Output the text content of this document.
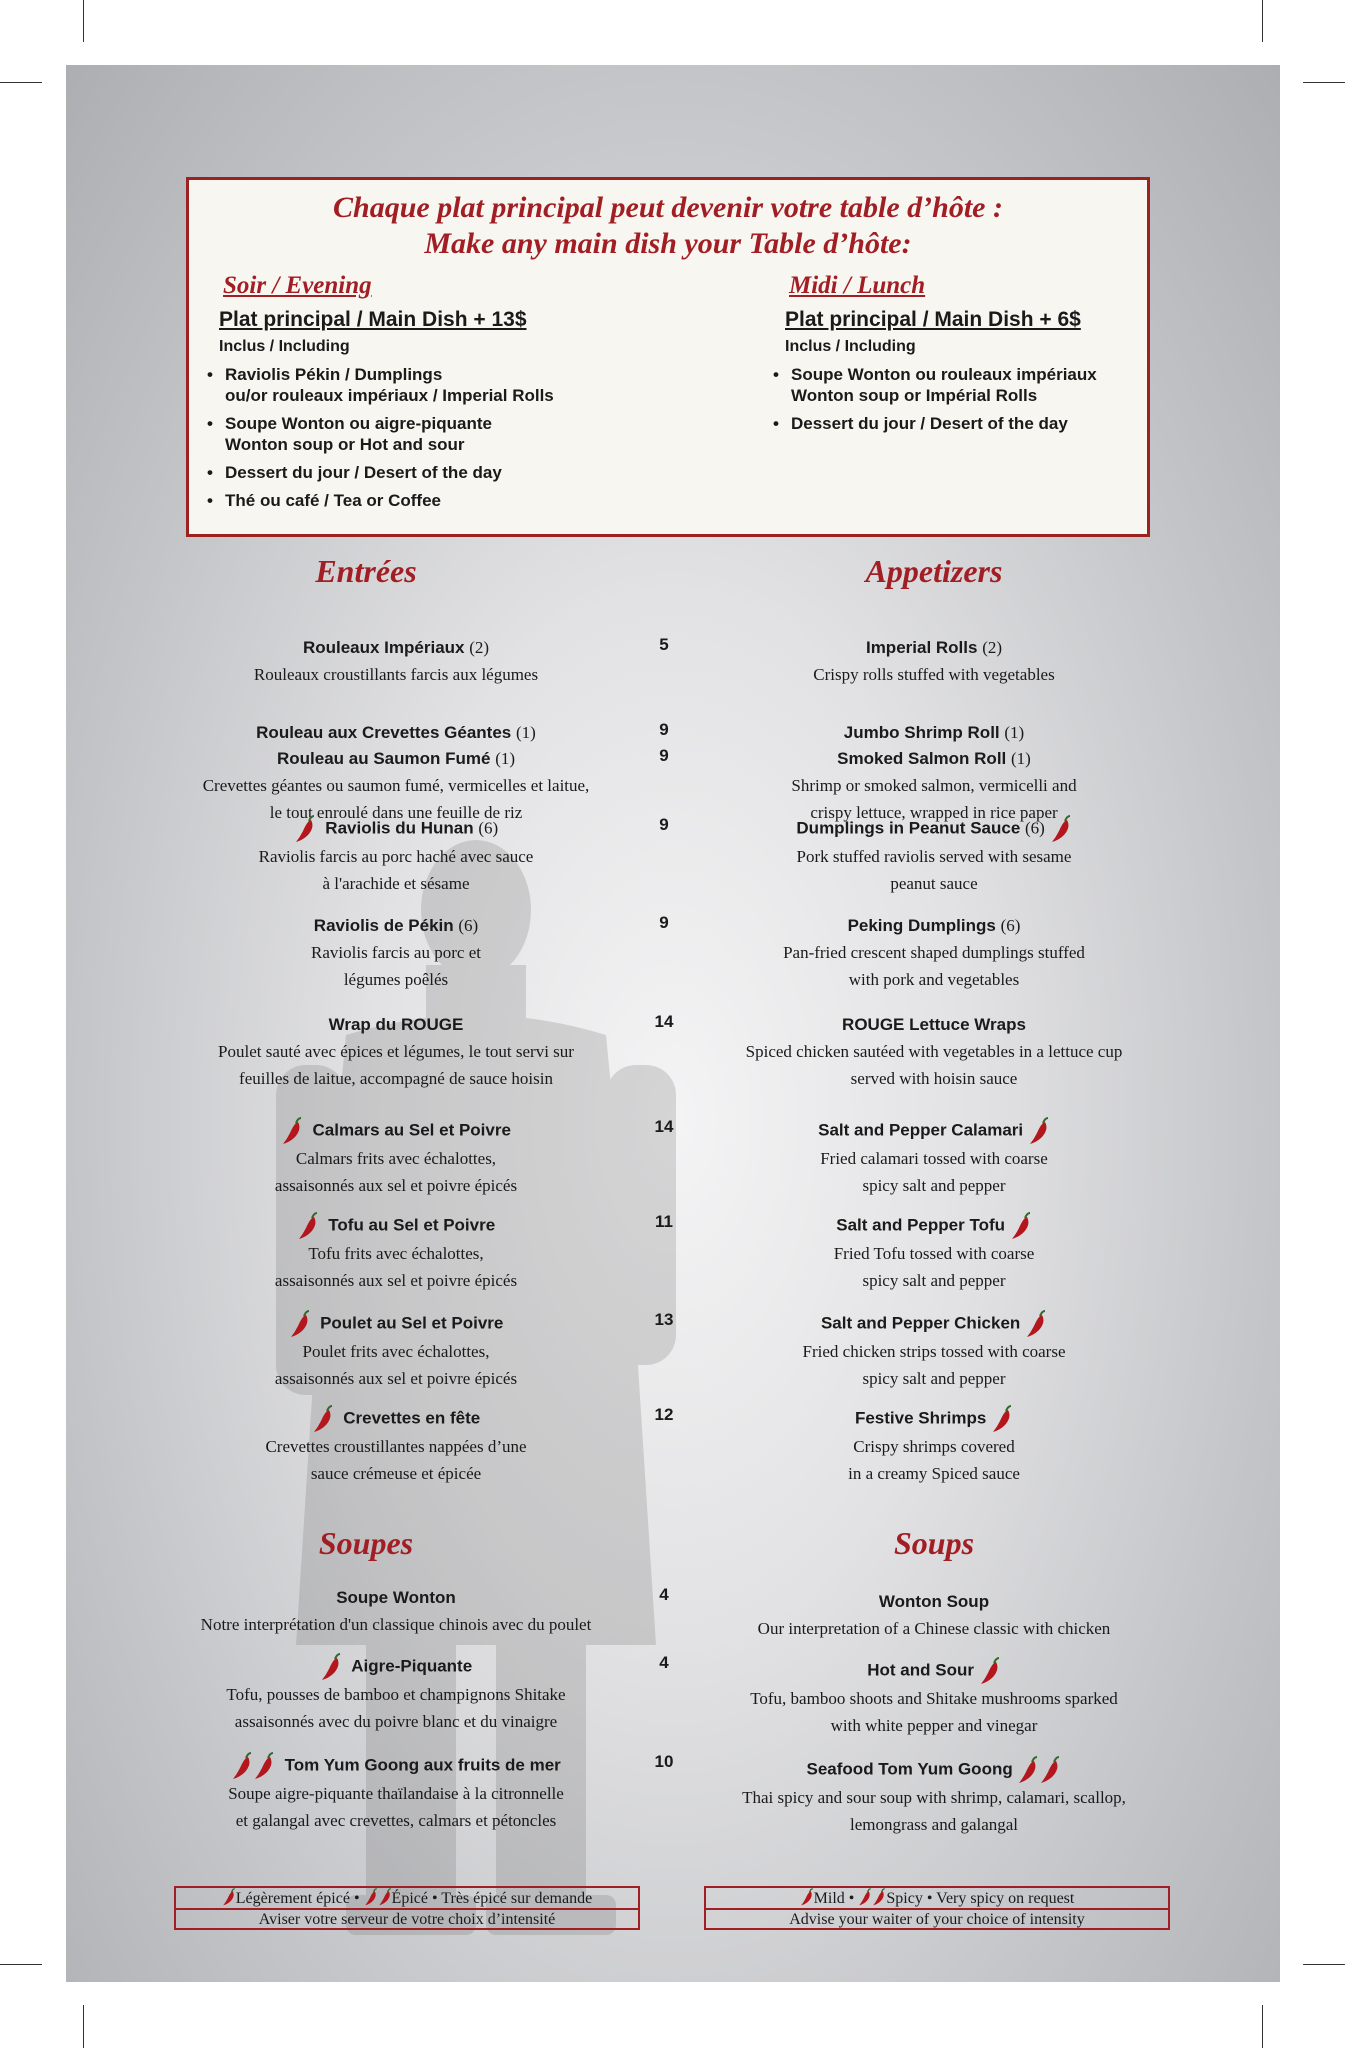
Chaque plat principal peut devenir votre table d’hôte :
Make any main dish your Table d’hôte:
Soir / Evening
Plat principal / Main Dish + 13$
Inclus / Including
• Raviolis Pékin / Dumplings
ou/or rouleaux impériaux / Imperial Rolls
• Soupe Wonton ou aigre-piquante
Wonton soup or Hot and sour
• Dessert du jour / Desert of the day
• Thé ou café / Tea or Coffee
Midi / Lunch
Plat principal / Main Dish + 6$
Inclus / Including
• Soupe Wonton ou rouleaux impériaux
Wonton soup or Impérial Rolls
• Dessert du jour / Desert of the day
Entrées	Appetizers
Rouleaux Impériaux (2)
Rouleaux croustillants farcis aux légumes
5
Rouleau aux Crevettes Géantes (1)
Rouleau au Saumon Fumé (1)
Crevettes géantes ou saumon fumé, vermicelles et laitue,
le tout enroulé dans une feuille de riz
9
9
Raviolis du Hunan (6)
Raviolis farcis au porc haché avec sauce
à l'arachide et sésame
9
Raviolis de Pékin (6)
Raviolis farcis au porc et
légumes poêlés
9
Wrap du ROUGE
Poulet sauté avec épices et légumes, le tout servi sur
feuilles de laitue, accompagné de sauce hoisin
14
Calmars au Sel et Poivre
Calmars frits avec échalottes,
assaisonnés aux sel et poivre épicés
14
Tofu au Sel et Poivre
Tofu frits avec échalottes,
assaisonnés aux sel et poivre épicés
11
Poulet au Sel et Poivre
Poulet frits avec échalottes,
assaisonnés aux sel et poivre épicés
13
Crevettes en fête
Crevettes croustillantes nappées d’une
sauce crémeuse et épicée
12
Imperial Rolls (2)
Crispy rolls stuffed with vegetables
Jumbo Shrimp Roll (1)
Smoked Salmon Roll (1)
Shrimp or smoked salmon, vermicelli and
crispy lettuce, wrapped in rice paper
Dumplings in Peanut Sauce (6)
Pork stuffed raviolis served with sesame
peanut sauce
Peking Dumplings (6)
Pan-fried crescent shaped dumplings stuffed
with pork and vegetables
ROUGE Lettuce Wraps
Spiced chicken sautéed with vegetables in a lettuce cup
served with hoisin sauce
Salt and Pepper Calamari
Fried calamari tossed with coarse
spicy salt and pepper
Salt and Pepper Tofu
Fried Tofu tossed with coarse
spicy salt and pepper
Salt and Pepper Chicken
Fried chicken strips tossed with coarse
spicy salt and pepper
Festive Shrimps
Crispy shrimps covered
in a creamy Spiced sauce
Soupes	Soups
Soupe Wonton
Notre interprétation d'un classique chinois avec du poulet
4
Aigre-Piquante
Tofu, pousses de bamboo et champignons Shitake
assaisonnés avec du poivre blanc et du vinaigre
4
Tom Yum Goong aux fruits de mer
Soupe aigre-piquante thaïlandaise à la citronnelle
et galangal avec crevettes, calmars et pétoncles
10
Wonton Soup
Our interpretation of a Chinese classic with chicken
Hot and Sour
Tofu, bamboo shoots and Shitake mushrooms sparked
with white pepper and vinegar
Seafood Tom Yum Goong
Thai spicy and sour soup with shrimp, calamari, scallop,
lemongrass and galangal
Légèrement épicé • Épicé • Très épicé sur demande
Aviser votre serveur de votre choix d’intensité
Mild • Spicy • Very spicy on request
Advise your waiter of your choice of intensity
